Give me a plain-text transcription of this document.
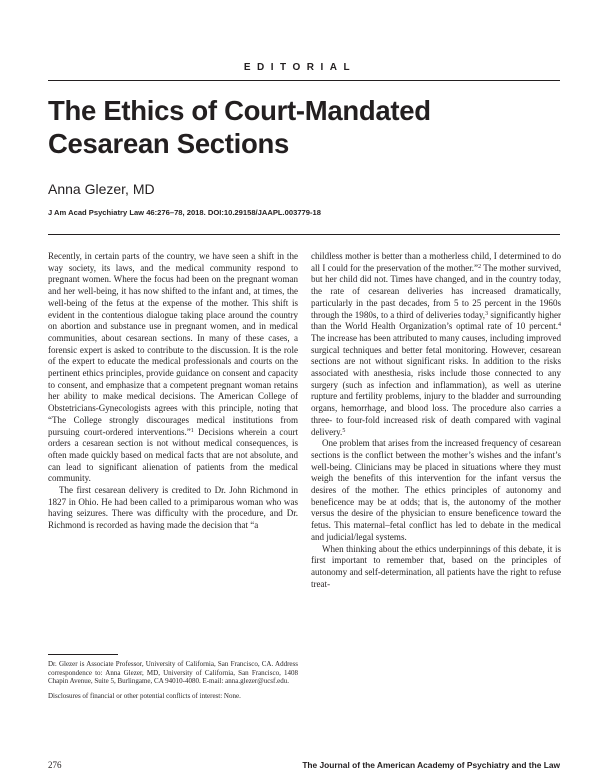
EDITORIAL
The Ethics of Court-Mandated
Cesarean Sections
Anna Glezer, MD
J Am Acad Psychiatry Law 46:276–78, 2018. DOI:10.29158/JAAPL.003779-18

Recently, in certain parts of the country, we have seen a shift in the way society, its laws, and the medical community respond to pregnant women. Where the focus had been on the pregnant woman and her well-being, it has now shifted to the infant and, at times, the well-being of the fetus at the expense of the mother. This shift is evident in the contentious dialogue taking place around the country on abortion and substance use in pregnant women, and in medical communities, about cesarean sections. In many of these cases, a forensic expert is asked to contribute to the discussion. It is the role of the expert to educate the medical professionals and courts on the pertinent ethics principles, provide guidance on consent and capacity to consent, and emphasize that a competent pregnant woman retains her ability to make medical decisions. The American College of Obstetricians-Gynecologists agrees with this principle, noting that “The College strongly discourages medical institutions from pursuing court-ordered interventions.”$^1$ Decisions wherein a court orders a cesarean section is not without medical consequences, is often made quickly based on medical facts that are not absolute, and can lead to significant alienation of patients from the medical community.

The first cesarean delivery is credited to Dr. John Richmond in 1827 in Ohio. He had been called to a primiparous woman who was having seizures. There was difficulty with the procedure, and Dr. Richmond is recorded as having made the decision that “a

childless mother is better than a motherless child, I determined to do all I could for the preservation of the mother.”$^2$ The mother survived, but her child did not. Times have changed, and in the country today, the rate of cesarean deliveries has increased dramatically, particularly in the past decades, from 5 to 25 percent in the 1960s through the 1980s, to a third of deliveries today,$^3$ significantly higher than the World Health Organization’s optimal rate of 10 percent.$^4$ The increase has been attributed to many causes, including improved surgical techniques and better fetal monitoring. However, cesarean sections are not without significant risks. In addition to the risks associated with anesthesia, risks include those connected to any surgery (such as infection and inflammation), as well as uterine rupture and fertility problems, injury to the bladder and surrounding organs, hemorrhage, and blood loss. The procedure also carries a three- to four-fold increased risk of death compared with vaginal delivery.$^5$

One problem that arises from the increased frequency of cesarean sections is the conflict between the mother’s wishes and the infant’s well-being. Clinicians may be placed in situations where they must weigh the benefits of this intervention for the infant versus the desires of the mother. The ethics principles of autonomy and beneficence may be at odds; that is, the autonomy of the mother versus the desire of the physician to ensure beneficence toward the fetus. This maternal–fetal conflict has led to debate in the medical and judicial/legal systems.

When thinking about the ethics underpinnings of this debate, it is first important to remember that, based on the principles of autonomy and self-determination, all patients have the right to refuse treat-

Dr. Glezer is Associate Professor, University of California, San Francisco, CA. Address correspondence to: Anna Glezer, MD, University of California, San Francisco, 1408 Chapin Avenue, Suite 5, Burlingame, CA 94010-4080. E-mail: anna.glezer@ucsf.edu.

Disclosures of financial or other potential conflicts of interest: None.

276	The Journal of the American Academy of Psychiatry and the Law
